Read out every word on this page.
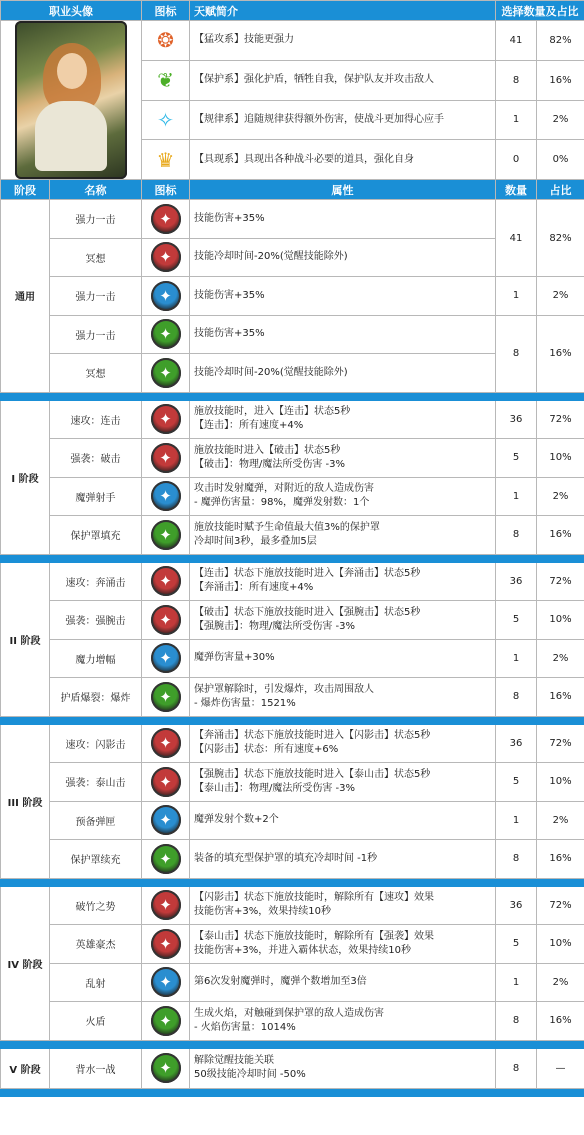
职业头像		图标	天赋简介	选择数量及占比	

❂	【猛攻系】技能更强力	41	82%

❦	【保护系】强化护盾，牺牲自我，保护队友并攻击敌人	8	16%

✧	【规律系】追随规律获得额外伤害，使战斗更加得心应手	1	2%

♛	【具现系】具现出各种战斗必要的道具，强化自身	0	0%
阶段	名称	图标	属性	数量	占比
通用	强力一击	✦	技能伤害+35%	41	82%
	冥想	✦	技能冷却时间-20%(觉醒技能除外)		
	强力一击	✦	技能伤害+35%	1	2%
	强力一击	✦	技能伤害+35%	8	16%
	冥想	✦	技能冷却时间-20%(觉醒技能除外)		

I 阶段	速攻：连击	✦	施放技能时，进入【连击】状态5秒
【连击】：所有速度+4%	36	72%
	强袭：破击	✦	施放技能时进入【破击】状态5秒
【破击】：物理/魔法所受伤害 -3%	5	10%
	魔弹射手	✦	攻击时发射魔弹，对附近的敌人造成伤害
- 魔弹伤害量：98%，魔弹发射数：1个	1	2%
	保护罩填充	✦	施放技能时赋予生命值最大值3%的保护罩
冷却时间3秒，最多叠加5层	8	16%

II 阶段	速攻：奔涌击	✦	【连击】状态下施放技能时进入【奔涌击】状态5秒
【奔涌击】：所有速度+4%	36	72%
	强袭：强腕击	✦	【破击】状态下施放技能时进入【强腕击】状态5秒
【强腕击】：物理/魔法所受伤害 -3%	5	10%
	魔力增幅	✦	魔弹伤害量+30%	1	2%
	护盾爆裂：爆炸	✦	保护罩解除时，引发爆炸，攻击周围敌人
- 爆炸伤害量：1521%	8	16%

III 阶段	速攻：闪影击	✦	【奔涌击】状态下施放技能时进入【闪影击】状态5秒
【闪影击】状态：所有速度+6%	36	72%
	强袭：泰山击	✦	【强腕击】状态下施放技能时进入【泰山击】状态5秒
【泰山击】：物理/魔法所受伤害 -3%	5	10%
	预备弹匣	✦	魔弹发射个数+2个	1	2%
	保护罩续充	✦	装备的填充型保护罩的填充冷却时间 -1秒	8	16%

IV 阶段	破竹之势	✦	【闪影击】状态下施放技能时，解除所有【速攻】效果
技能伤害+3%，效果持续10秒	36	72%
	英雄豪杰	✦	【泰山击】状态下施放技能时，解除所有【强袭】效果
技能伤害+3%，并进入霸体状态，效果持续10秒	5	10%
	乱射	✦	第6次发射魔弹时，魔弹个数增加至3倍	1	2%
	火盾	✦	生成火焰，对触碰到保护罩的敌人造成伤害
- 火焰伤害量：1014%	8	16%

V 阶段	背水一战	✦	解除觉醒技能关联
50级技能冷却时间 -50%	8	—
